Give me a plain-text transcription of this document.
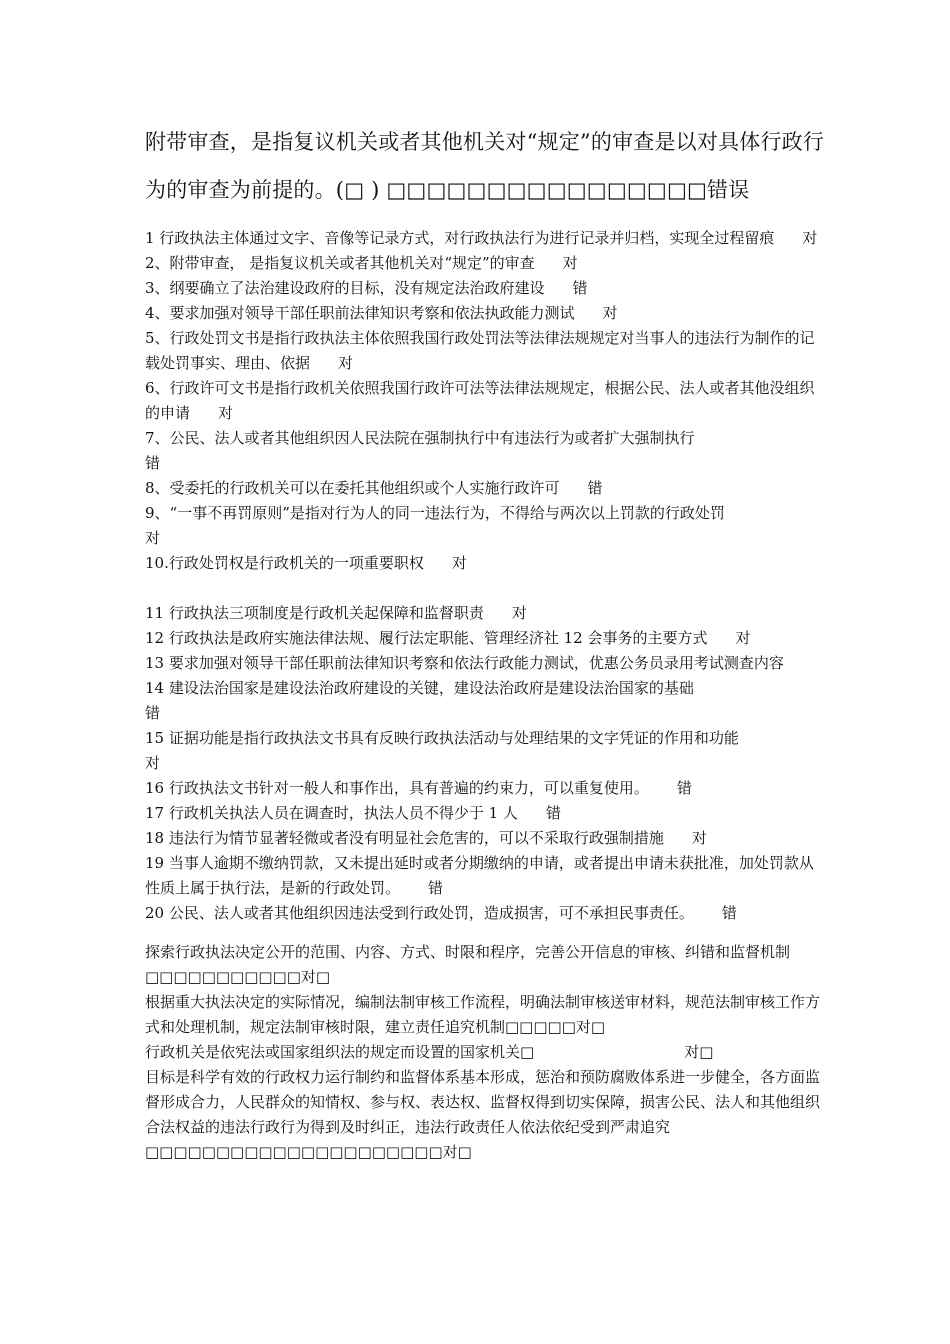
附带审查，是指复议机关或者其他机关对“规定”的审查是以对具体行政行为的审查为前提的。(□ ) □□□□□□□□□□□□□□□□错误

1 行政执法主体通过文字、音像等记录方式，对行政执法行为进行记录并归档，实现全过程留痕 对

2、附带审查， 是指复议机关或者其他机关对“规定”的审查 对

3、纲要确立了法治建设政府的目标，没有规定法治政府建设 错

4、要求加强对领导干部任职前法律知识考察和依法执政能力测试 对

5、行政处罚文书是指行政执法主体依照我国行政处罚法等法律法规规定对当事人的违法行为制作的记载处罚事实、理由、依据 对

6、行政许可文书是指行政机关依照我国行政许可法等法律法规规定，根据公民、法人或者其他没组织的申请 对

7、公民、法人或者其他组织因人民法院在强制执行中有违法行为或者扩大强制执行
错

8、受委托的行政机关可以在委托其他组织或个人实施行政许可 错

9、“一事不再罚原则”是指对行为人的同一违法行为，不得给与两次以上罚款的行政处罚
对

10.行政处罚权是行政机关的一项重要职权 对

11 行政执法三项制度是行政机关起保障和监督职责 对

12 行政执法是政府实施法律法规、履行法定职能、管理经济社 12 会事务的主要方式 对

13 要求加强对领导干部任职前法律知识考察和依法行政能力测试，优惠公务员录用考试测查内容

14 建设法治国家是建设法治政府建设的关键，建设法治政府是建设法治国家的基础
错

15 证据功能是指行政执法文书具有反映行政执法活动与处理结果的文字凭证的作用和功能
对

16 行政执法文书针对一般人和事作出，具有普遍的约束力，可以重复使用。 错

17 行政机关执法人员在调查时，执法人员不得少于 1 人 错

18 违法行为情节显著轻微或者没有明显社会危害的，可以不采取行政强制措施 对

19 当事人逾期不缴纳罚款，又未提出延时或者分期缴纳的申请，或者提出申请未获批准，加处罚款从性质上属于执行法，是新的行政处罚。 错

20 公民、法人或者其他组织因违法受到行政处罚，造成损害，可不承担民事责任。 错

探索行政执法决定公开的范围、内容、方式、时限和程序，完善公开信息的审核、纠错和监督机制□□□□□□□□□□□对□

根据重大执法决定的实际情况，编制法制审核工作流程，明确法制审核送审材料，规范法制审核工作方式和处理机制，规定法制审核时限，建立责任追究机制□□□□□对□

行政机关是依宪法或国家组织法的规定而设置的国家机关□	对□

目标是科学有效的行政权力运行制约和监督体系基本形成，惩治和预防腐败体系进一步健全，各方面监督形成合力，人民群众的知情权、参与权、表达权、监督权得到切实保障，损害公民、法人和其他组织合法权益的违法行政行为得到及时纠正，违法行政责任人依法依纪受到严肃追究□□□□□□□□□□□□□□□□□□□□□对□
